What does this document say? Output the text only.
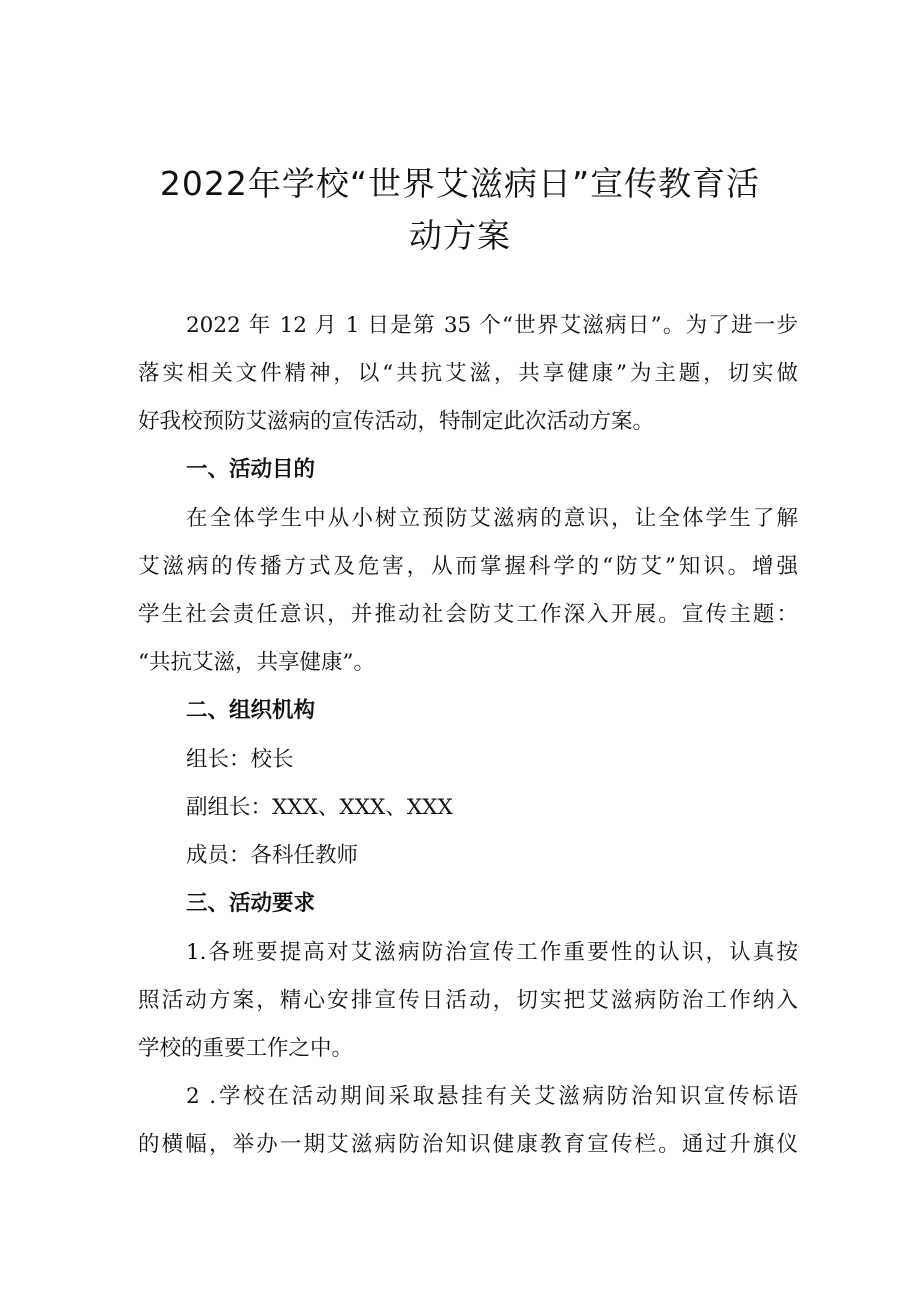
2022年学校“世界艾滋病日”宣传教育活
动方案
2022 年 12 月 1 日是第 35 个“世界艾滋病日”。为了进一步
落实相关文件精神，以“共抗艾滋，共享健康”为主题，切实做
好我校预防艾滋病的宣传活动，特制定此次活动方案。
一、活动目的
在全体学生中从小树立预防艾滋病的意识，让全体学生了解
艾滋病的传播方式及危害，从而掌握科学的“防艾”知识。增强
学生社会责任意识，并推动社会防艾工作深入开展。宣传主题：
“共抗艾滋，共享健康”。
二、组织机构
组长：校长
副组长：XXX、XXX、XXX
成员：各科任教师
三、活动要求
1.各班要提高对艾滋病防治宣传工作重要性的认识，认真按
照活动方案，精心安排宣传日活动，切实把艾滋病防治工作纳入
学校的重要工作之中。
2 .学校在活动期间采取悬挂有关艾滋病防治知识宣传标语
的横幅，举办一期艾滋病防治知识健康教育宣传栏。通过升旗仪
